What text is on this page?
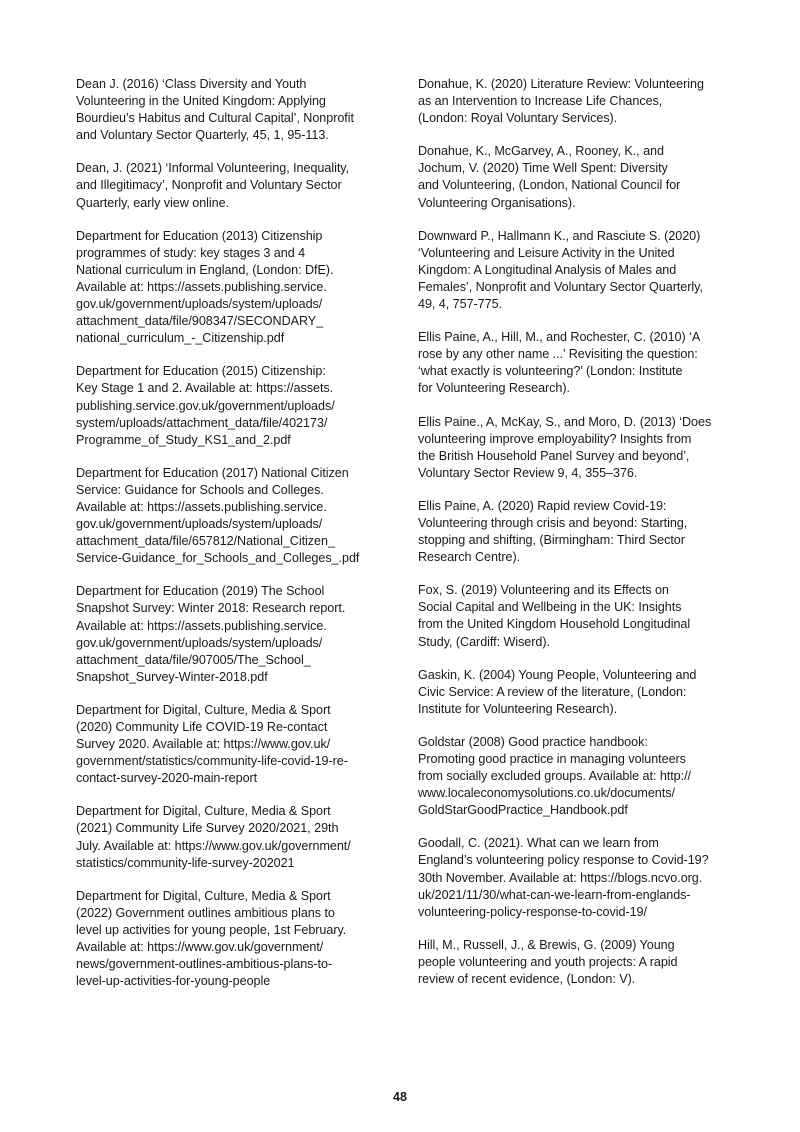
Dean J. (2016) ‘Class Diversity and Youth
Volunteering in the United Kingdom: Applying
Bourdieu’s Habitus and Cultural Capital’, Nonprofit
and Voluntary Sector Quarterly, 45, 1, 95-113.

Dean, J. (2021) ‘Informal Volunteering, Inequality,
and Illegitimacy’, Nonprofit and Voluntary Sector
Quarterly, early view online.

Department for Education (2013) Citizenship
programmes of study: key stages 3 and 4
National curriculum in England, (London: DfE).
Available at: https://assets.publishing.service.
gov.uk/government/uploads/system/uploads/
attachment_data/file/908347/SECONDARY_
national_curriculum_-_Citizenship.pdf

Department for Education (2015) Citizenship:
Key Stage 1 and 2. Available at: https://assets.
publishing.service.gov.uk/government/uploads/
system/uploads/attachment_data/file/402173/
Programme_of_Study_KS1_and_2.pdf

Department for Education (2017) National Citizen
Service: Guidance for Schools and Colleges.
Available at: https://assets.publishing.service.
gov.uk/government/uploads/system/uploads/
attachment_data/file/657812/National_Citizen_
Service-Guidance_for_Schools_and_Colleges_.pdf

Department for Education (2019) The School
Snapshot Survey: Winter 2018: Research report.
Available at: https://assets.publishing.service.
gov.uk/government/uploads/system/uploads/
attachment_data/file/907005/The_School_
Snapshot_Survey-Winter-2018.pdf

Department for Digital, Culture, Media & Sport
(2020) Community Life COVID-19 Re-contact
Survey 2020. Available at: https://www.gov.uk/
government/statistics/community-life-covid-19-re-
contact-survey-2020-main-report

Department for Digital, Culture, Media & Sport
(2021) Community Life Survey 2020/2021, 29th
July. Available at: https://www.gov.uk/government/
statistics/community-life-survey-202021

Department for Digital, Culture, Media & Sport
(2022) Government outlines ambitious plans to
level up activities for young people, 1st February.
Available at: https://www.gov.uk/government/
news/government-outlines-ambitious-plans-to-
level-up-activities-for-young-people

Donahue, K. (2020) Literature Review: Volunteering
as an Intervention to Increase Life Chances,
(London: Royal Voluntary Services).

Donahue, K., McGarvey, A., Rooney, K., and
Jochum, V. (2020) Time Well Spent: Diversity
and Volunteering, (London, National Council for
Volunteering Organisations).

Downward P., Hallmann K., and Rasciute S. (2020)
‘Volunteering and Leisure Activity in the United
Kingdom: A Longitudinal Analysis of Males and
Females’, Nonprofit and Voluntary Sector Quarterly,
49, 4, 757-775.

Ellis Paine, A., Hill, M., and Rochester, C. (2010) ‘A
rose by any other name ...’ Revisiting the question:
‘what exactly is volunteering?’ (London: Institute
for Volunteering Research).

Ellis Paine., A, McKay, S., and Moro, D. (2013) ‘Does
volunteering improve employability? Insights from
the British Household Panel Survey and beyond’,
Voluntary Sector Review 9, 4, 355–376.

Ellis Paine, A. (2020) Rapid review Covid-19:
Volunteering through crisis and beyond: Starting,
stopping and shifting, (Birmingham: Third Sector
Research Centre).

Fox, S. (2019) Volunteering and its Effects on
Social Capital and Wellbeing in the UK: Insights
from the United Kingdom Household Longitudinal
Study, (Cardiff: Wiserd).

Gaskin, K. (2004) Young People, Volunteering and
Civic Service: A review of the literature, (London:
Institute for Volunteering Research).

Goldstar (2008) Good practice handbook:
Promoting good practice in managing volunteers
from socially excluded groups. Available at: http://
www.localeconomysolutions.co.uk/documents/
GoldStarGoodPractice_Handbook.pdf

Goodall, C. (2021). What can we learn from
England’s volunteering policy response to Covid-19?
30th November. Available at: https://blogs.ncvo.org.
uk/2021/11/30/what-can-we-learn-from-englands-
volunteering-policy-response-to-covid-19/

Hill, M., Russell, J., & Brewis, G. (2009) Young
people volunteering and youth projects: A rapid
review of recent evidence, (London: V).

48
